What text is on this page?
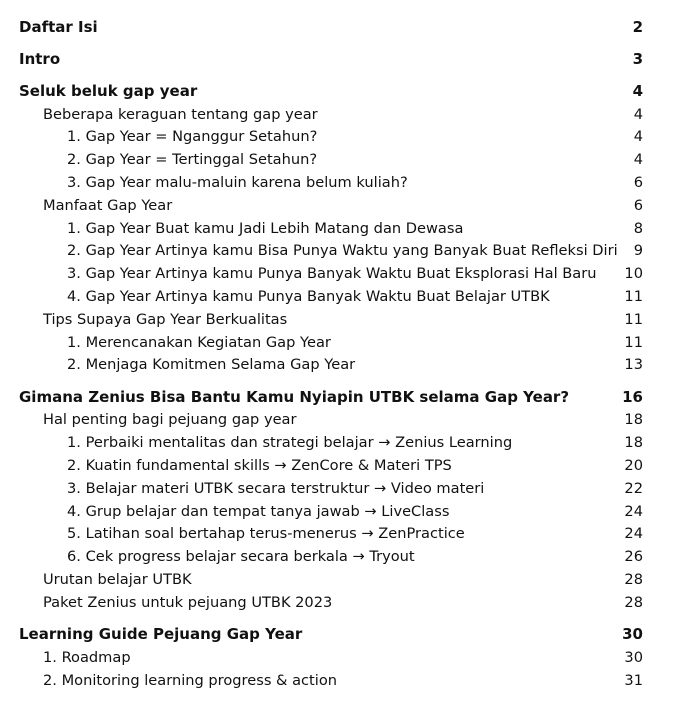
Daftar Isi	2
Intro	3
Seluk beluk gap year	4
Beberapa keraguan tentang gap year	4
1. Gap Year = Nganggur Setahun?	4
2. Gap Year = Tertinggal Setahun?	4
3. Gap Year malu-maluin karena belum kuliah?	6
Manfaat Gap Year	6
1. Gap Year Buat kamu Jadi Lebih Matang dan Dewasa	8
2. Gap Year Artinya kamu Bisa Punya Waktu yang Banyak Buat Refleksi Diri	9
3. Gap Year Artinya kamu Punya Banyak Waktu Buat Eksplorasi Hal Baru	10
4. Gap Year Artinya kamu Punya Banyak Waktu Buat Belajar UTBK	11
Tips Supaya Gap Year Berkualitas	11
1. Merencanakan Kegiatan Gap Year	11
2. Menjaga Komitmen Selama Gap Year	13
Gimana Zenius Bisa Bantu Kamu Nyiapin UTBK selama Gap Year?	16
Hal penting bagi pejuang gap year	18
1. Perbaiki mentalitas dan strategi belajar → Zenius Learning	18
2. Kuatin fundamental skills → ZenCore & Materi TPS	20
3. Belajar materi UTBK secara terstruktur → Video materi	22
4. Grup belajar dan tempat tanya jawab → LiveClass	24
5. Latihan soal bertahap terus-menerus → ZenPractice	24
6. Cek progress belajar secara berkala → Tryout	26
Urutan belajar UTBK	28
Paket Zenius untuk pejuang UTBK 2023	28
Learning Guide Pejuang Gap Year	30
1. Roadmap	30
2. Monitoring learning progress & action	31
